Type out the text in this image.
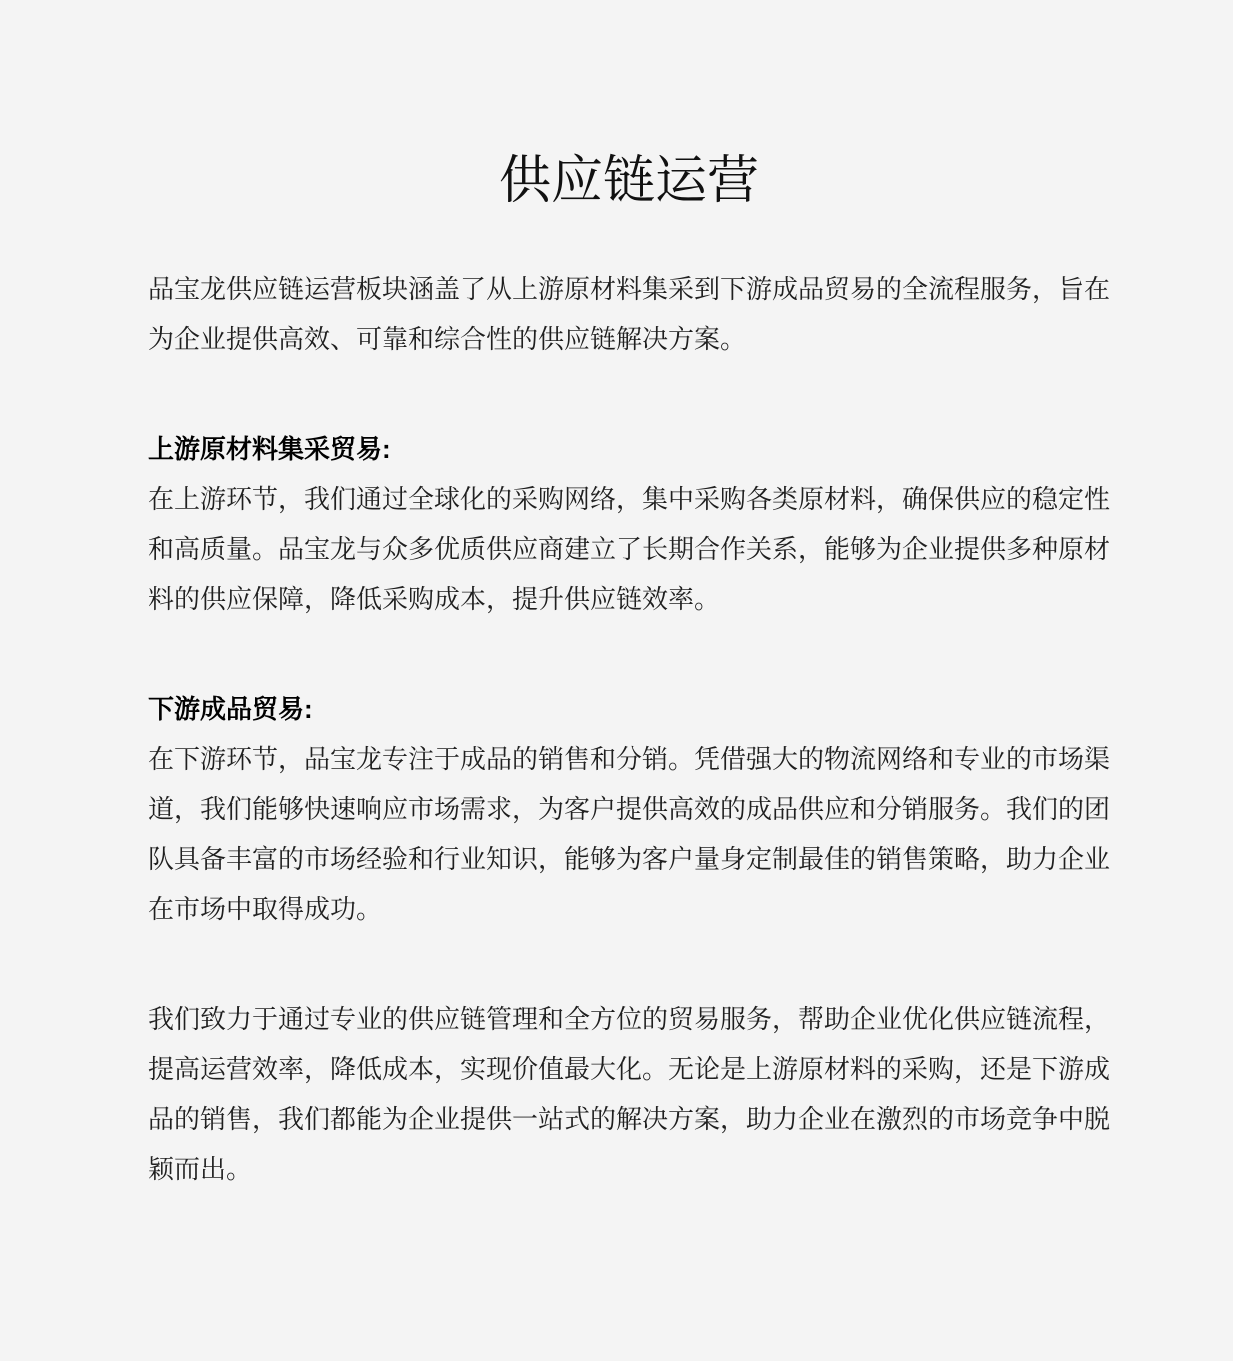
供应链运营

品宝龙供应链运营板块涵盖了从上游原材料集采到下游成品贸易的全流程服务，旨在为企业提供高效、可靠和综合性的供应链解决方案。

上游原材料集采贸易:

在上游环节，我们通过全球化的采购网络，集中采购各类原材料，确保供应的稳定性和高质量。品宝龙与众多优质供应商建立了长期合作关系，能够为企业提供多种原材料的供应保障，降低采购成本，提升供应链效率。

下游成品贸易:

在下游环节，品宝龙专注于成品的销售和分销。凭借强大的物流网络和专业的市场渠道，我们能够快速响应市场需求，为客户提供高效的成品供应和分销服务。我们的团队具备丰富的市场经验和行业知识，能够为客户量身定制最佳的销售策略，助力企业在市场中取得成功。

我们致力于通过专业的供应链管理和全方位的贸易服务，帮助企业优化供应链流程，提高运营效率，降低成本，实现价值最大化。无论是上游原材料的采购，还是下游成品的销售，我们都能为企业提供一站式的解决方案，助力企业在激烈的市场竞争中脱颖而出。
